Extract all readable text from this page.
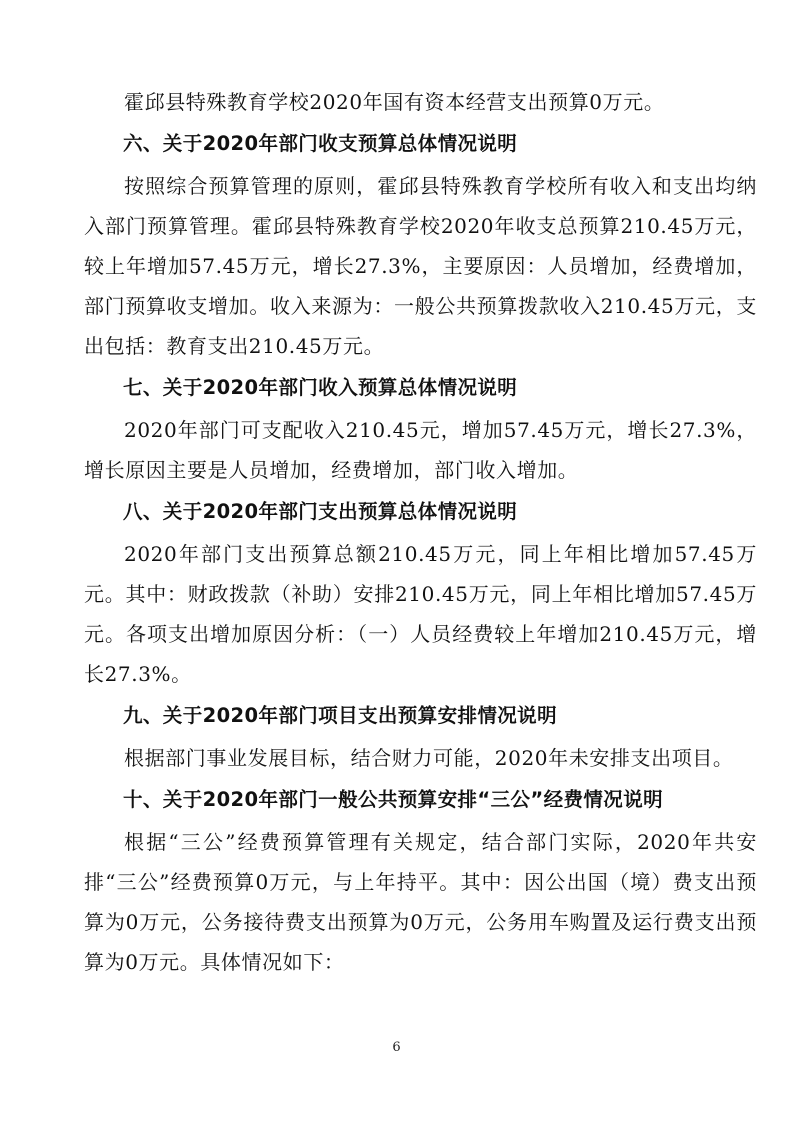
霍邱县特殊教育学校2020年国有资本经营支出预算0万元。

六、关于2020年部门收支预算总体情况说明

按照综合预算管理的原则，霍邱县特殊教育学校所有收入和支出均纳入部门预算管理。霍邱县特殊教育学校2020年收支总预算210.45万元，较上年增加57.45万元，增长27.3%，主要原因：人员增加，经费增加，部门预算收支增加。收入来源为：一般公共预算拨款收入210.45万元，支出包括：教育支出210.45万元。

七、关于2020年部门收入预算总体情况说明

2020年部门可支配收入210.45元，增加57.45万元，增长27.3%，增长原因主要是人员增加，经费增加，部门收入增加。

八、关于2020年部门支出预算总体情况说明

2020年部门支出预算总额210.45万元，同上年相比增加57.45万元。其中：财政拨款（补助）安排210.45万元，同上年相比增加57.45万元。各项支出增加原因分析：（一）人员经费较上年增加210.45万元，增长27.3%。

九、关于2020年部门项目支出预算安排情况说明

根据部门事业发展目标，结合财力可能，2020年未安排支出项目。

十、关于2020年部门一般公共预算安排“三公”经费情况说明

根据“三公”经费预算管理有关规定，结合部门实际，2020年共安排“三公”经费预算0万元，与上年持平。其中：因公出国（境）费支出预算为0万元，公务接待费支出预算为0万元，公务用车购置及运行费支出预算为0万元。具体情况如下：

6
